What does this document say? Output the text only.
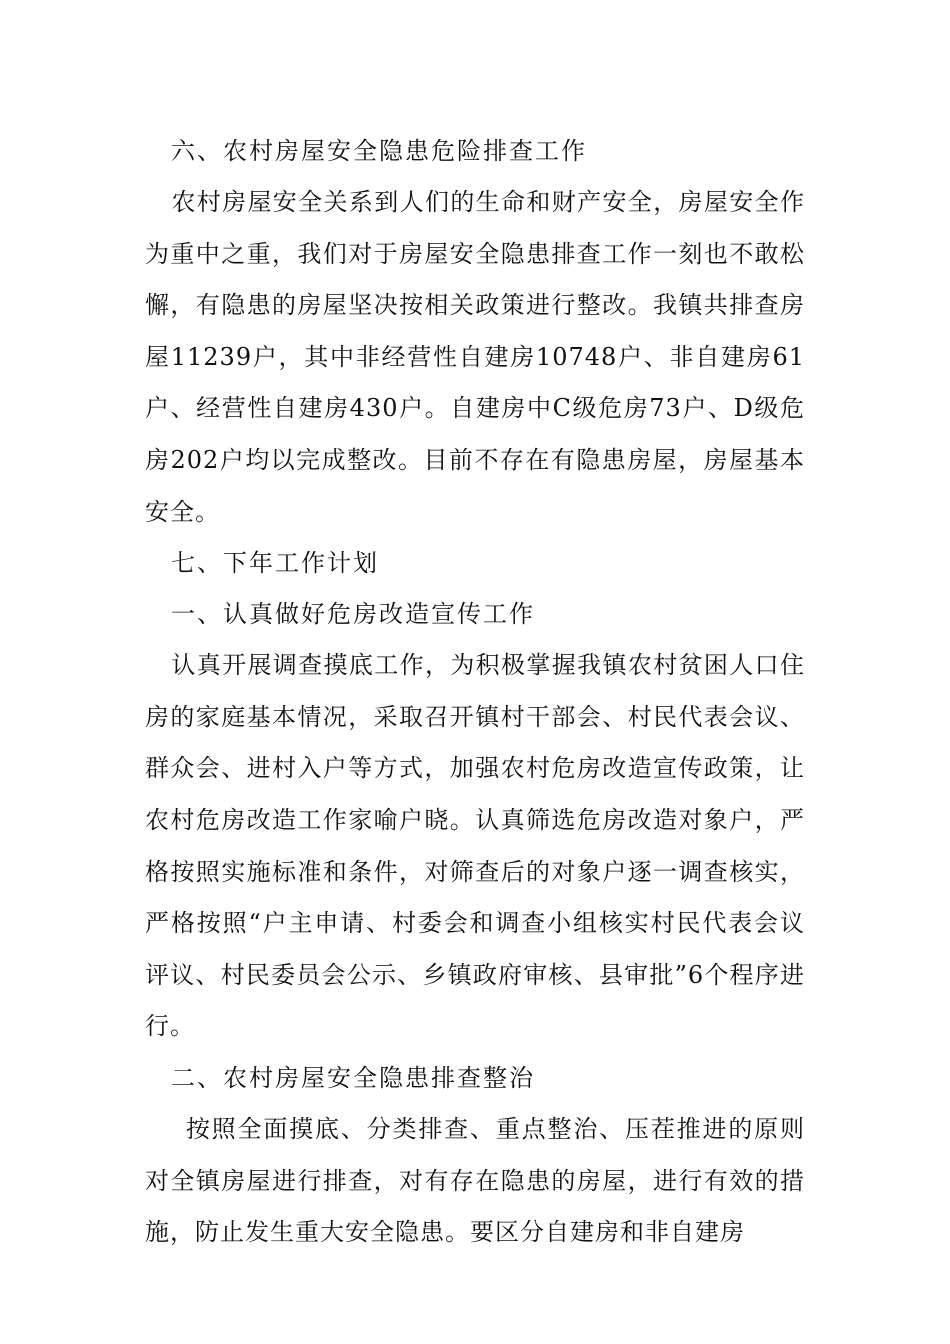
六、农村房屋安全隐患危险排查工作
农村房屋安全关系到人们的生命和财产安全，房屋安全作为重中之重，我们对于房屋安全隐患排查工作一刻也不敢松懈，有隐患的房屋坚决按相关政策进行整改。我镇共排查房屋11239户，其中非经营性自建房10748户、非自建房61户、经营性自建房430户。自建房中C级危房73户、D级危房202户均以完成整改。目前不存在有隐患房屋，房屋基本安全。
七、下年工作计划
一、认真做好危房改造宣传工作
认真开展调查摸底工作，为积极掌握我镇农村贫困人口住房的家庭基本情况，采取召开镇村干部会、村民代表会议、群众会、进村入户等方式，加强农村危房改造宣传政策，让农村危房改造工作家喻户晓。认真筛选危房改造对象户，严格按照实施标准和条件，对筛查后的对象户逐一调查核实，严格按照“户主申请、村委会和调查小组核实村民代表会议评议、村民委员会公示、乡镇政府审核、县审批”6个程序进行。
二、农村房屋安全隐患排查整治
按照全面摸底、分类排查、重点整治、压茬推进的原则对全镇房屋进行排查，对有存在隐患的房屋，进行有效的措施，防止发生重大安全隐患。要区分自建房和非自建房
